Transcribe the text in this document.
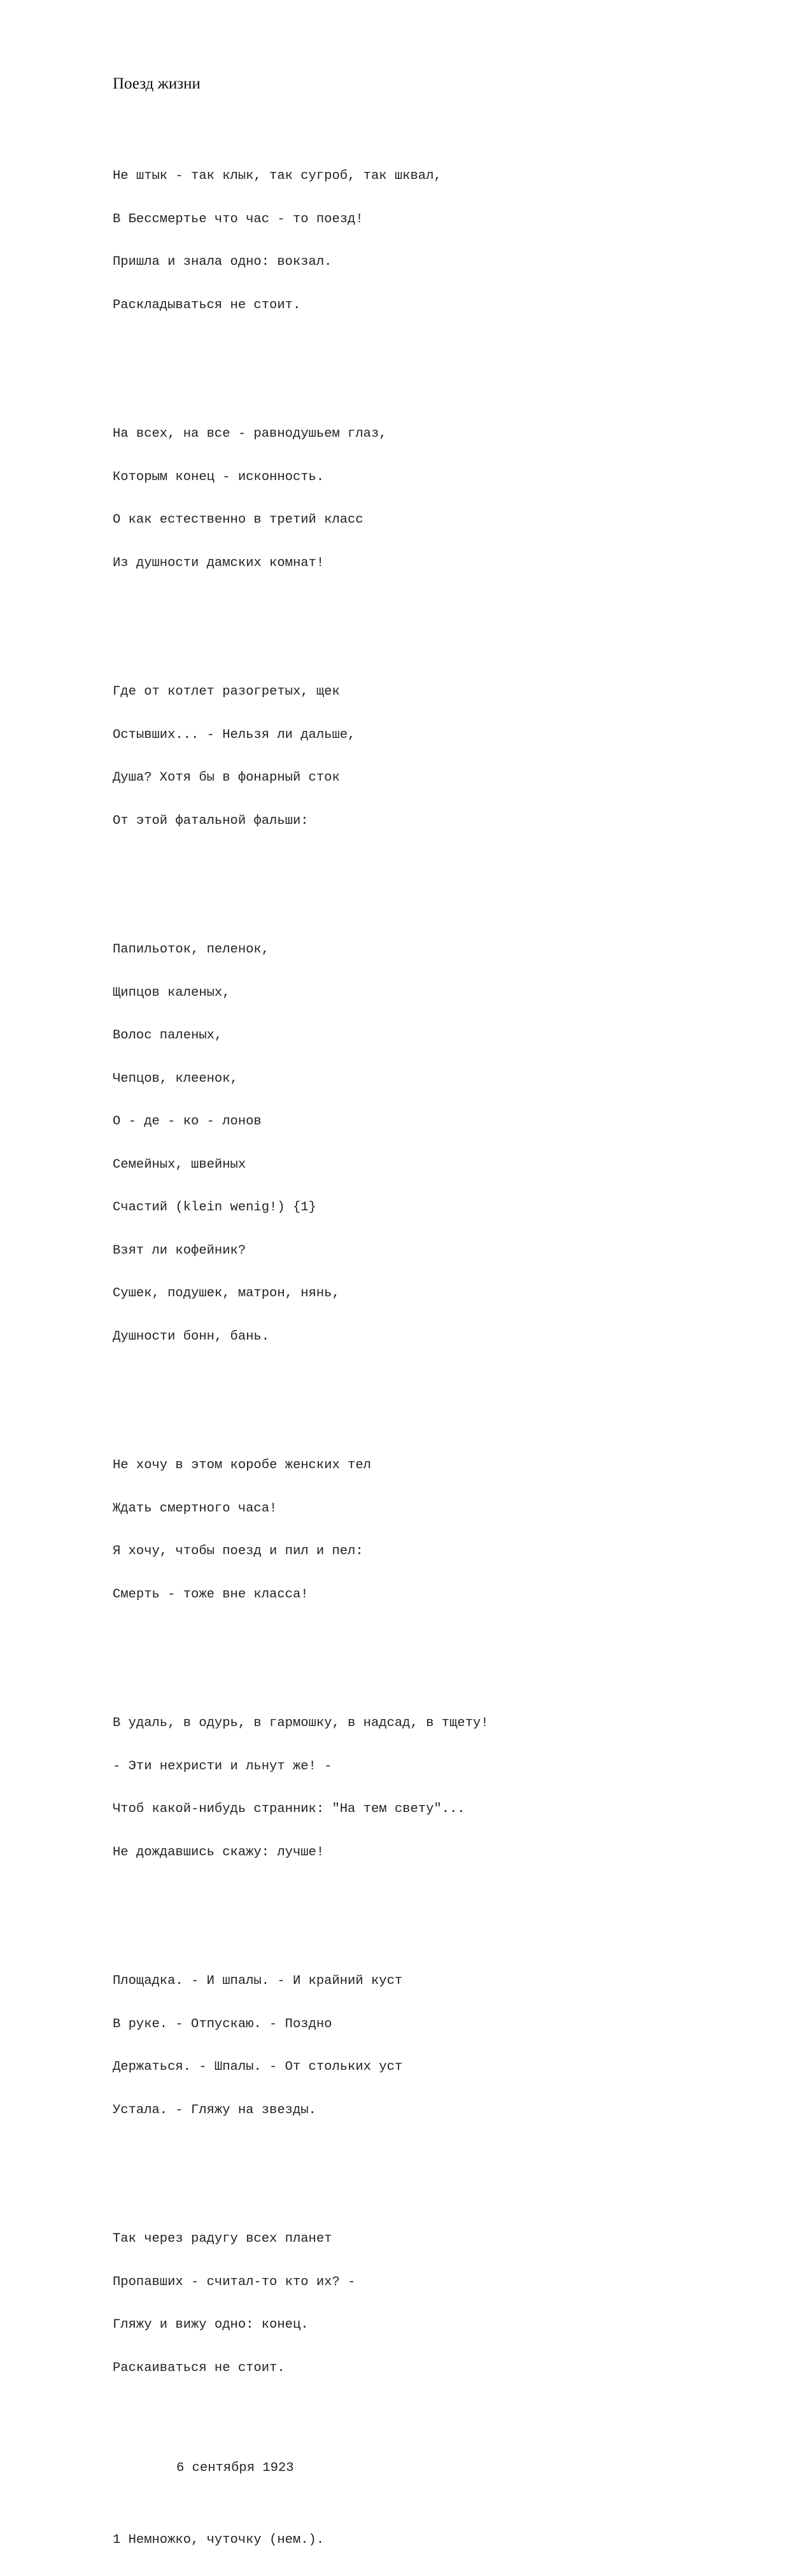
Поезд жизни

Не штык - так клык, так сугроб, так шквал,

В Бессмертье что час - то поезд!

Пришла и знала одно: вокзал.

Раскладываться не стоит.

На всех, на все - равнодушьем глаз,

Которым конец - исконность.

О как естественно в третий класс

Из душности дамских комнат!

Где от котлет разогретых, щек

Остывших... - Нельзя ли дальше,

Душа? Хотя бы в фонарный сток

От этой фатальной фальши:

Папильоток, пеленок,

Щипцов каленых,

Волос паленых,

Чепцов, клеенок,

О - де - ко - лонов

Семейных, швейных

Счастий (klein wenig!) {1}

Взят ли кофейник?

Сушек, подушек, матрон, нянь,

Душности бонн, бань.

Не хочу в этом коробе женских тел

Ждать смертного часа!

Я хочу, чтобы поезд и пил и пел:

Смерть - тоже вне класса!

В удаль, в одурь, в гармошку, в надсад, в тщету!

- Эти нехристи и льнут же! -

Чтоб какой-нибудь странник: "На тем свету"...

Не дождавшись скажу: лучше!

Площадка. - И шпалы. - И крайний куст

В руке. - Отпускаю. - Поздно

Держаться. - Шпалы. - От стольких уст

Устала. - Гляжу на звезды.

Так через радугу всех планет

Пропавших - считал-то кто их? -

Гляжу и вижу одно: конец.

Раскаиваться не стоит.

6 сентября 1923

1 Немножко, чуточку (нем.).
